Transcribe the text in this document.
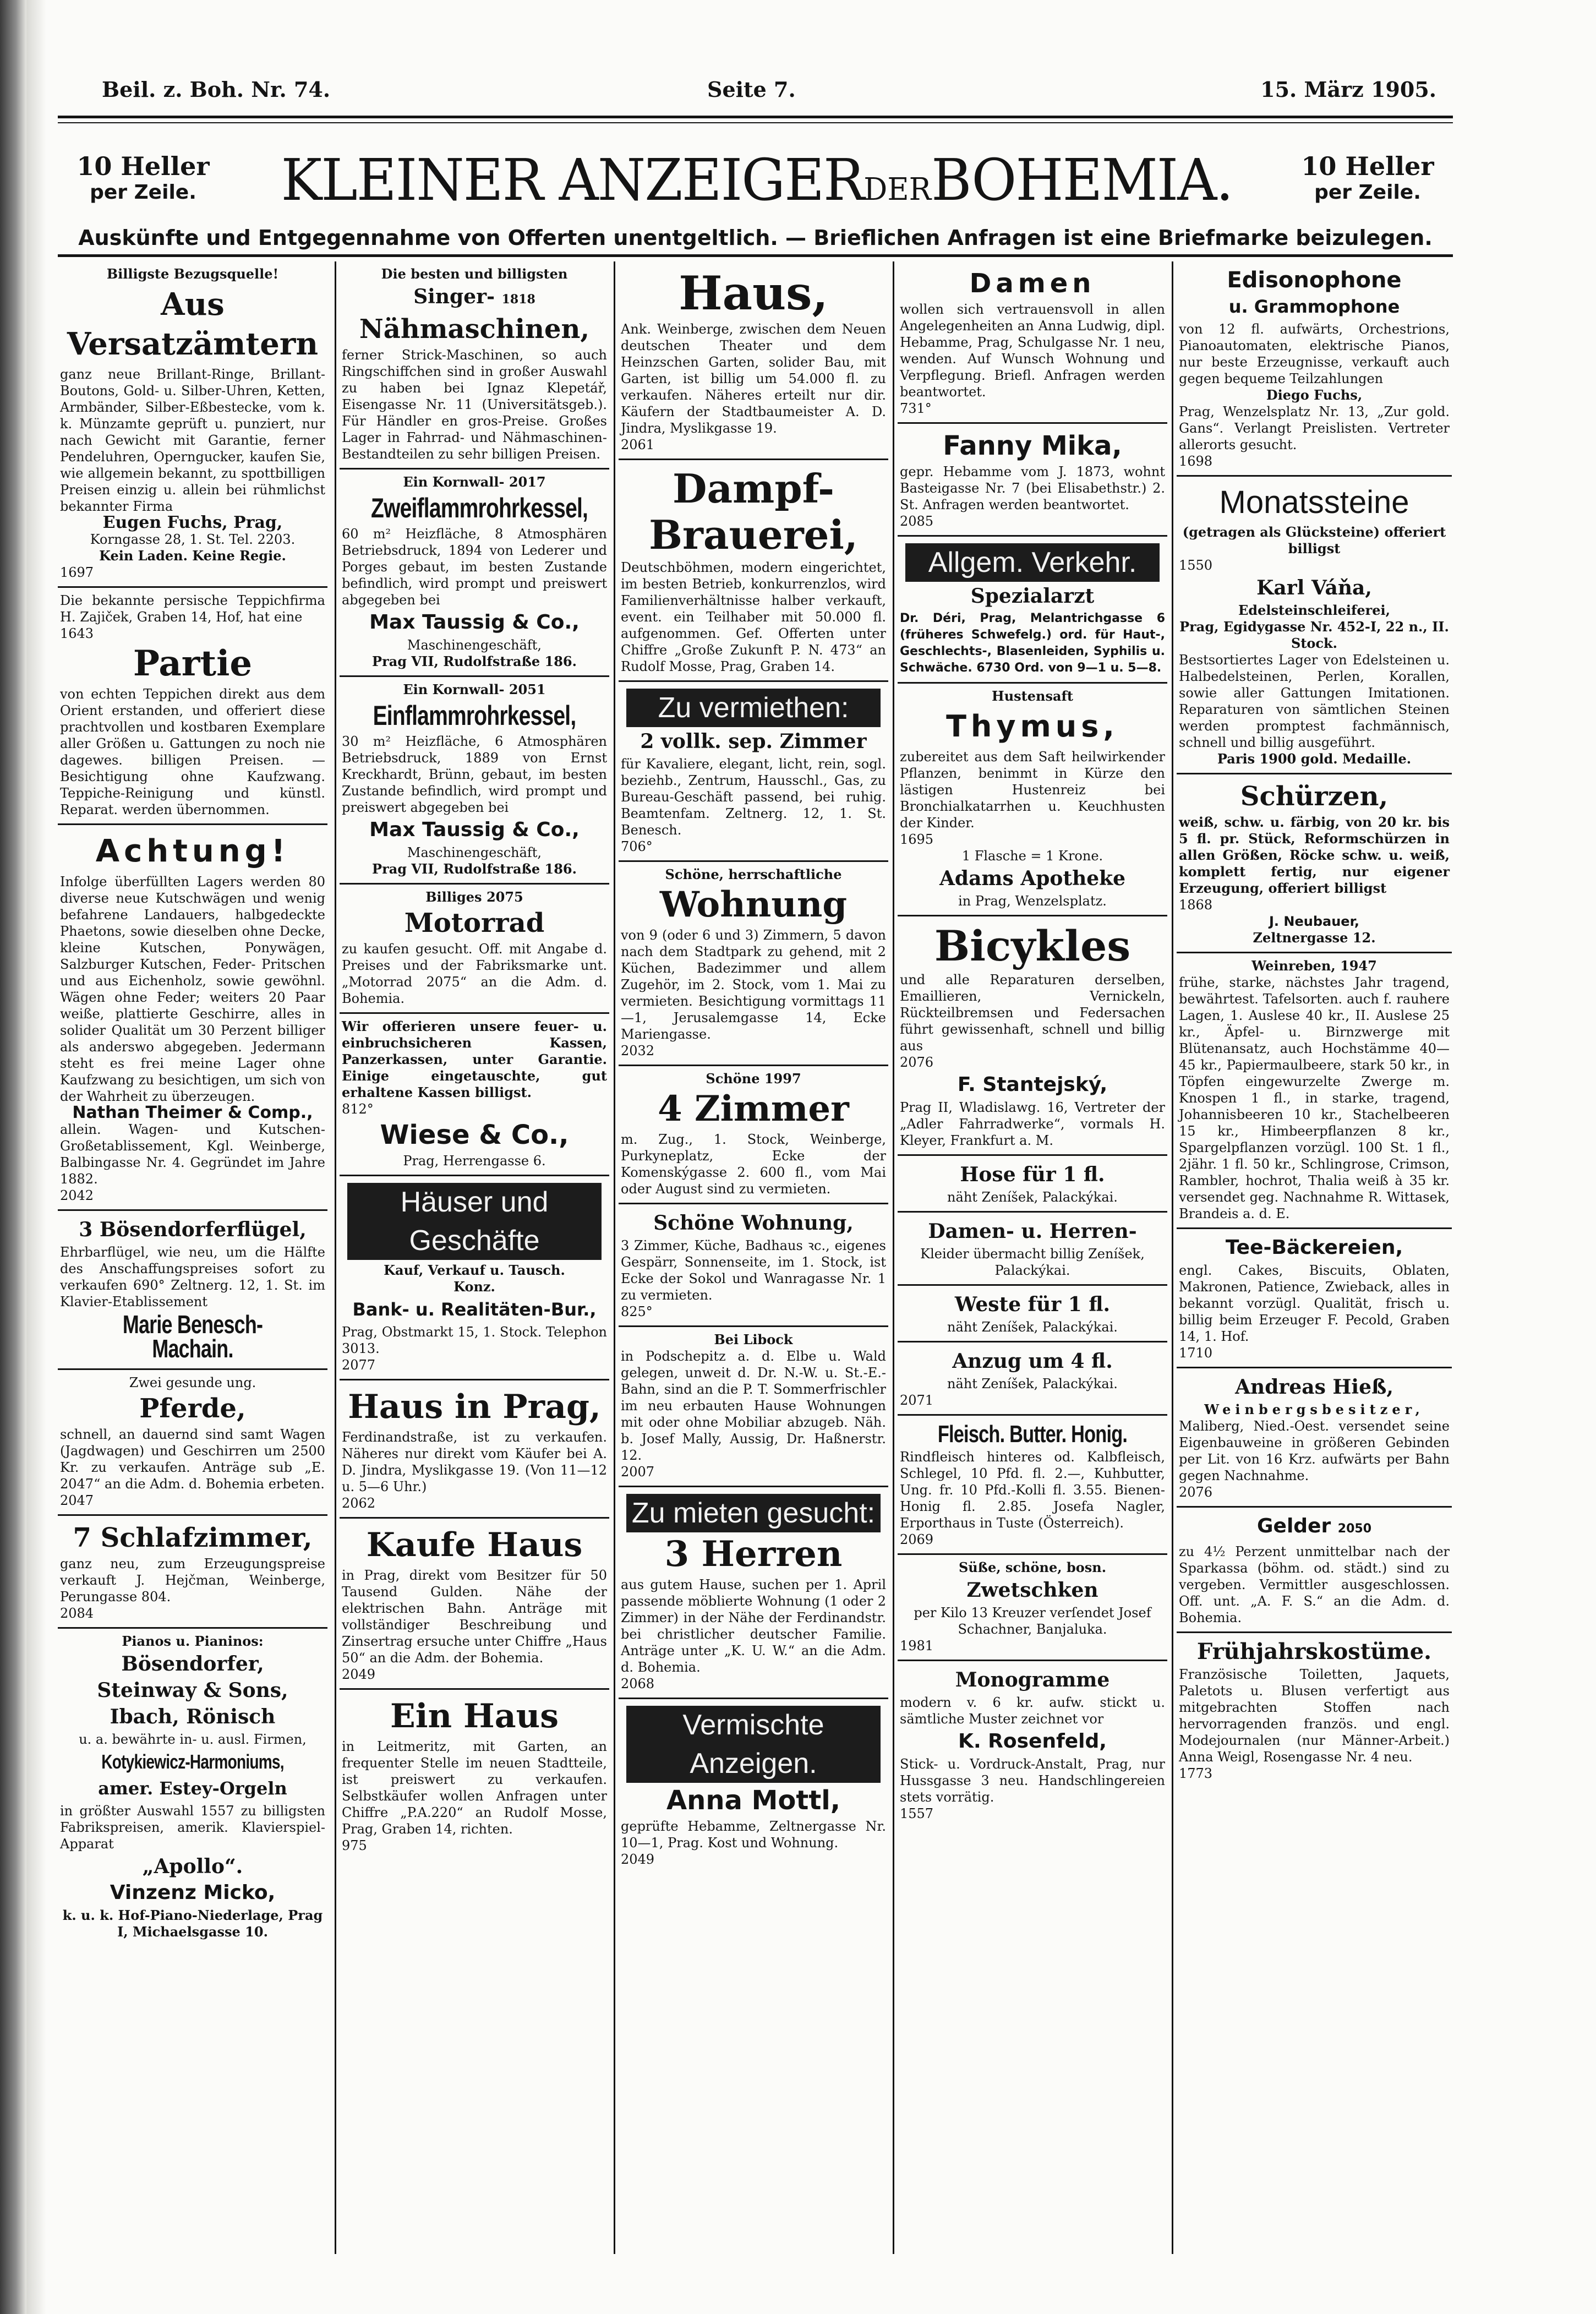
Beil. z. Boh. Nr. 74.	Seite 7.	15. März 1905.
10 Heller
per Zeile.	KLEINER ANZEIGERDERBOHEMIA.	10 Heller
per Zeile.
Auskünfte und Entgegennahme von Offerten unentgeltlich. — Brieflichen Anfragen ist eine Briefmarke beizulegen.

Billigste Bezugsquelle!

Aus Versatzämtern

ganz neue Brillant-Ringe, Brillant-Boutons, Gold- u. Silber-Uhren, Ketten, Armbänder, Silber-Eßbestecke, vom k. k. Münzamte geprüft u. punziert, nur nach Gewicht mit Garantie, ferner Pendeluhren, Operngucker, kaufen Sie, wie allgemein bekannt, zu spottbilligen Preisen einzig u. allein bei rühmlichst bekannter Firma

Eugen Fuchs, Prag,

Korngasse 28, 1. St. Tel. 2203.

Kein Laden. Keine Regie.

1697

Die bekannte persische Teppichfirma H. Zajiček, Graben 14, Hof, hat eine

1643

Partie

von echten Teppichen direkt aus dem Orient erstanden, und offeriert diese prachtvollen und kostbaren Exemplare aller Größen u. Gattungen zu noch nie dagewes. billigen Preisen. — Besichtigung ohne Kaufzwang. Teppiche-Reinigung und künstl. Reparat. werden übernommen.

Achtung!

Infolge überfüllten Lagers werden 80 diverse neue Kutschwägen und wenig befahrene Landauers, halbgedeckte Phaetons, sowie dieselben ohne Decke, kleine Kutschen, Ponywägen, Salzburger Kutschen, Feder- Pritschen und aus Eichenholz, sowie gewöhnl. Wägen ohne Feder; weiters 20 Paar weiße, plattierte Geschirre, alles in solider Qualität um 30 Perzent billiger als anderswo abgegeben. Jedermann steht es frei meine Lager ohne Kaufzwang zu besichtigen, um sich von der Wahrheit zu überzeugen.

Nathan Theimer & Comp.,

allein. Wagen- und Kutschen-Großetablissement, Kgl. Weinberge, Balbingasse Nr. 4. Gegründet im Jahre 1882.

2042

3 Bösendorferflügel,

Ehrbarflügel, wie neu, um die Hälfte des Anschaffungspreises sofort zu verkaufen 690° Zeltnerg. 12, 1. St. im Klavier-Etablissement

Marie Benesch-Machain.

Zwei gesunde ung.

Pferde,

schnell, an dauernd sind samt Wagen (Jagdwagen) und Geschirren um 2500 Kr. zu verkaufen. Anträge sub „E. 2047“ an die Adm. d. Bohemia erbeten.

2047

7 Schlafzimmer,

ganz neu, zum Erzeugungspreise verkauft J. Hejčman, Weinberge, Perungasse 804.

2084

Pianos u. Pianinos:

Bösendorfer,
Steinway & Sons,
Ibach, Rönisch

u. a. bewährte in- u. ausl. Firmen,

Kotykiewicz-Harmoniums,
amer. Estey-Orgeln

in größter Auswahl 1557 zu billigsten Fabrikspreisen, amerik. Klavierspiel-Apparat

„Apollo“.
Vinzenz Micko,

k. u. k. Hof-Piano-Niederlage, Prag I, Michaelsgasse 10.

Die besten und billigsten

Singer- 1818
Nähmaschinen,

ferner Strick-Maschinen, so auch Ringschiffchen sind in großer Auswahl zu haben bei Ignaz Klepetář, Eisengasse Nr. 11 (Universitätsgeb.). Für Händler en gros-Preise. Großes Lager in Fahrrad- und Nähmaschinen-Bestandteilen zu sehr billigen Preisen.

Ein Kornwall- 2017

Zweiflammrohrkessel,

60 m² Heizfläche, 8 Atmosphären Betriebsdruck, 1894 von Lederer und Porges gebaut, im besten Zustande befindlich, wird prompt und preiswert abgegeben bei

Max Taussig & Co.,

Maschinengeschäft,

Prag VII, Rudolfstraße 186.

Ein Kornwall- 2051

Einflammrohrkessel,

30 m² Heizfläche, 6 Atmosphären Betriebsdruck, 1889 von Ernst Kreckhardt, Brünn, gebaut, im besten Zustande befindlich, wird prompt und preiswert abgegeben bei

Max Taussig & Co.,

Maschinengeschäft,

Prag VII, Rudolfstraße 186.

Billiges 2075

Motorrad

zu kaufen gesucht. Off. mit Angabe d. Preises und der Fabriksmarke unt. „Motorrad 2075“ an die Adm. d. Bohemia.

Wir offerieren unsere feuer- u. einbruchsicheren Kassen, Panzerkassen, unter Garantie. Einige eingetauschte, gut erhaltene Kassen billigst.

812°

Wiese & Co.,

Prag, Herrengasse 6.

Häuser und Geschäfte

Kauf, Verkauf u. Tausch.

Konz.

Bank- u. Realitäten-Bur.,

Prag, Obstmarkt 15, 1. Stock. Telephon 3013.

2077

Haus in Prag,

Ferdinandstraße, ist zu verkaufen. Näheres nur direkt vom Käufer bei A. D. Jindra, Myslikgasse 19. (Von 11—12 u. 5—6 Uhr.)

2062

Kaufe Haus

in Prag, direkt vom Besitzer für 50 Tausend Gulden. Nähe der elektrischen Bahn. Anträge mit vollständiger Beschreibung und Zinsertrag ersuche unter Chiffre „Haus 50“ an die Adm. der Bohemia.

2049

Ein Haus

in Leitmeritz, mit Garten, an frequenter Stelle im neuen Stadtteile, ist preiswert zu verkaufen. Selbstkäufer wollen Anfragen unter Chiffre „P.A.220“ an Rudolf Mosse, Prag, Graben 14, richten.

975

Haus,

Ank. Weinberge, zwischen dem Neuen deutschen Theater und dem Heinzschen Garten, solider Bau, mit Garten, ist billig um 54.000 fl. zu verkaufen. Näheres erteilt nur dir. Käufern der Stadtbaumeister A. D. Jindra, Myslikgasse 19.

2061

Dampf-
Brauerei,

Deutschböhmen, modern eingerichtet, im besten Betrieb, konkurrenzlos, wird Familienverhältnisse halber verkauft, event. ein Teilhaber mit 50.000 fl. aufgenommen. Gef. Offerten unter Chiffre „Große Zukunft P. N. 473“ an Rudolf Mosse, Prag, Graben 14.

Zu vermiethen:
2 vollk. sep. Zimmer

für Kavaliere, elegant, licht, rein, sogl. beziehb., Zentrum, Hausschl., Gas, zu Bureau-Geschäft passend, bei ruhig. Beamtenfam. Zeltnerg. 12, 1. St. Benesch.

706°

Schöne, herrschaftliche

Wohnung

von 9 (oder 6 und 3) Zimmern, 5 davon nach dem Stadtpark zu gehend, mit 2 Küchen, Badezimmer und allem Zugehör, im 2. Stock, vom 1. Mai zu vermieten. Besichtigung vormittags 11—1, Jerusalemgasse 14, Ecke Mariengasse.

2032

Schöne 1997

4 Zimmer

m. Zug., 1. Stock, Weinberge, Purkyneplatz, Ecke der Komenskýgasse 2. 600 fl., vom Mai oder August sind zu vermieten.

Schöne Wohnung,

3 Zimmer, Küche, Badhaus ꝛc., eigenes Gespärr, Sonnenseite, im 1. Stock, ist Ecke der Sokol und Wanragasse Nr. 1 zu vermieten.

825°

Bei Libock

in Podschepitz a. d. Elbe u. Wald gelegen, unweit d. Dr. N.-W. u. St.-E.-Bahn, sind an die P. T. Sommerfrischler im neu erbauten Hause Wohnungen mit oder ohne Mobiliar abzugeb. Näh. b. Josef Mally, Aussig, Dr. Haßnerstr. 12.

2007

Zu mieten gesucht:
3 Herren

aus gutem Hause, suchen per 1. April passende möblierte Wohnung (1 oder 2 Zimmer) in der Nähe der Ferdinandstr. bei christlicher deutscher Familie. Anträge unter „K. U. W.“ an die Adm. d. Bohemia.

2068

Vermischte Anzeigen.
Anna Mottl,

geprüfte Hebamme, Zeltnergasse Nr. 10—1, Prag. Kost und Wohnung.

2049

Damen

wollen sich vertrauensvoll in allen Angelegenheiten an Anna Ludwig, dipl. Hebamme, Prag, Schulgasse Nr. 1 neu, wenden. Auf Wunsch Wohnung und Verpflegung. Briefl. Anfragen werden beantwortet.

731°

Fanny Mika,

gepr. Hebamme vom J. 1873, wohnt Basteigasse Nr. 7 (bei Elisabethstr.) 2. St. Anfragen werden beantwortet.

2085

Allgem. Verkehr.
Spezialarzt

Dr. Déri, Prag, Melantrichgasse 6 (früheres Schwefelg.) ord. für Haut-, Geschlechts-, Blasenleiden, Syphilis u. Schwäche. 6730 Ord. von 9—1 u. 5—8.

Hustensaft

Thymus,

zubereitet aus dem Saft heilwirkender Pflanzen, benimmt in Kürze den lästigen Hustenreiz bei Bronchialkatarrhen u. Keuchhusten der Kinder.

1695

1 Flasche = 1 Krone.

Adams Apotheke

in Prag, Wenzelsplatz.

Bicykles

und alle Reparaturen derselben, Emaillieren, Vernickeln, Rückteilbremsen und Federsachen führt gewissenhaft, schnell und billig aus

2076

F. Stantejský,

Prag II, Wladislawg. 16, Vertreter der „Adler Fahrradwerke“, vormals H. Kleyer, Frankfurt a. M.

Hose für 1 fl.

näht Zeníšek, Palackýkai.

Damen- u. Herren-

Kleider übermacht billig Zeníšek, Palackýkai.

Weste für 1 fl.

näht Zeníšek, Palackýkai.

Anzug um 4 fl.

näht Zeníšek, Palackýkai.

2071

Fleisch. Butter. Honig.

Rindfleisch hinteres od. Kalbfleisch, Schlegel, 10 Pfd. fl. 2.—, Kuhbutter, Ung. fr. 10 Pfd.-Kolli fl. 3.55. Bienen-Honig fl. 2.85. Josefa Nagler, Erporthaus in Tuste (Österreich).

2069

Süße, schöne, bosn.

Zwetschken

per Kilo 13 Kreuzer verſendet Josef Schachner, Banjaluka.

1981

Monogramme

modern v. 6 kr. aufw. stickt u. sämtliche Muster zeichnet vor

K. Rosenfeld,

Stick- u. Vordruck-Anstalt, Prag, nur Hussgasse 3 neu. Handschlingereien stets vorrätig.

1557

Edisonophone
u. Grammophone

von 12 fl. aufwärts, Orchestrions, Pianoautomaten, elektrische Pianos, nur beste Erzeugnisse, verkauft auch gegen bequeme Teilzahlungen

Diego Fuchs,

Prag, Wenzelsplatz Nr. 13, „Zur gold. Gans“. Verlangt Preislisten. Vertreter allerorts gesucht.

1698

Monatssteine

(getragen als Glücksteine) offeriert billigst

1550

Karl Váňa,

Edelsteinschleiferei,

Prag, Egidygasse Nr. 452-I, 22 n., II. Stock.

Bestsortiertes Lager von Edelsteinen u. Halbedelsteinen, Perlen, Korallen, sowie aller Gattungen Imitationen. Reparaturen von sämtlichen Steinen werden promptest fachmännisch, schnell und billig ausgeführt.

Paris 1900 gold. Medaille.

Schürzen,

weiß, schw. u. färbig, von 20 kr. bis 5 fl. pr. Stück, Reformschürzen in allen Größen, Röcke schw. u. weiß, komplett fertig, nur eigener Erzeugung, offeriert billigst

1868

J. Neubauer,

Zeltnergasse 12.

Weinreben, 1947

frühe, starke, nächstes Jahr tragend, bewährtest. Tafelsorten. auch f. rauhere Lagen, 1. Auslese 40 kr., II. Auslese 25 kr., Äpfel- u. Birnzwerge mit Blütenansatz, auch Hochstämme 40—45 kr., Papiermaulbeere, stark 50 kr., in Töpfen eingewurzelte Zwerge m. Knospen 1 fl., in starke, tragend, Johannisbeeren 10 kr., Stachelbeeren 15 kr., Himbeerpflanzen 8 kr., Spargelpflanzen vorzügl. 100 St. 1 fl., 2jähr. 1 fl. 50 kr., Schlingrose, Crimson, Rambler, hochrot, Thalia weiß à 35 kr. versendet geg. Nachnahme R. Wittasek, Brandeis a. d. E.

Tee-Bäckereien,

engl. Cakes, Biscuits, Oblaten, Makronen, Patience, Zwieback, alles in bekannt vorzügl. Qualität, frisch u. billig beim Erzeuger F. Pecold, Graben 14, 1. Hof.

1710

Andreas Hieß,

Weinbergsbesitzer,

Maliberg, Nied.-Oest. versendet seine Eigenbauweine in größeren Gebinden per Lit. von 16 Krz. aufwärts per Bahn gegen Nachnahme.

2076

Gelder 2050

zu 4½ Perzent unmittelbar nach der Sparkassa (böhm. od. städt.) sind zu vergeben. Vermittler ausgeschlossen. Off. unt. „A. F. S.“ an die Adm. d. Bohemia.

Frühjahrskostüme.

Französische Toiletten, Jaquets, Paletots u. Blusen verfertigt aus mitgebrachten Stoffen nach hervorragenden französ. und engl. Modejournalen (nur Männer-Arbeit.) Anna Weigl, Rosengasse Nr. 4 neu.

1773
